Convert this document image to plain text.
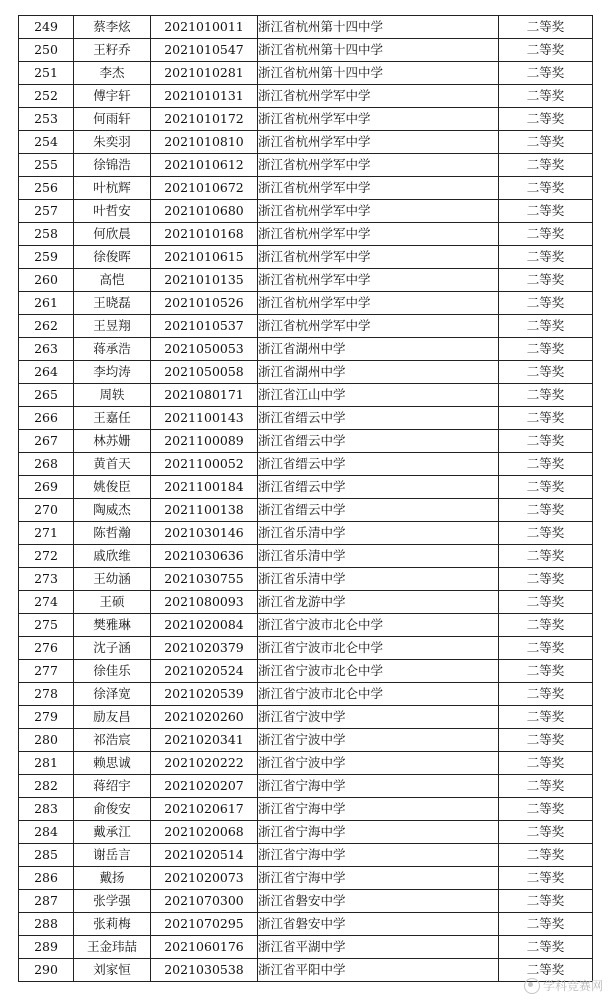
249	蔡李炫	2021010011	浙江省杭州第十四中学	二等奖
250	王籽乔	2021010547	浙江省杭州第十四中学	二等奖
251	李杰	2021010281	浙江省杭州第十四中学	二等奖
252	傅宇轩	2021010131	浙江省杭州学军中学	二等奖
253	何雨轩	2021010172	浙江省杭州学军中学	二等奖
254	朱奕羽	2021010810	浙江省杭州学军中学	二等奖
255	徐锦浩	2021010612	浙江省杭州学军中学	二等奖
256	叶杭辉	2021010672	浙江省杭州学军中学	二等奖
257	叶哲安	2021010680	浙江省杭州学军中学	二等奖
258	何欣晨	2021010168	浙江省杭州学军中学	二等奖
259	徐俊晖	2021010615	浙江省杭州学军中学	二等奖
260	高恺	2021010135	浙江省杭州学军中学	二等奖
261	王晓磊	2021010526	浙江省杭州学军中学	二等奖
262	王昱翔	2021010537	浙江省杭州学军中学	二等奖
263	蒋承浩	2021050053	浙江省湖州中学	二等奖
264	李均涛	2021050058	浙江省湖州中学	二等奖
265	周轶	2021080171	浙江省江山中学	二等奖
266	王嘉任	2021100143	浙江省缙云中学	二等奖
267	林苏姗	2021100089	浙江省缙云中学	二等奖
268	黄首天	2021100052	浙江省缙云中学	二等奖
269	姚俊臣	2021100184	浙江省缙云中学	二等奖
270	陶威杰	2021100138	浙江省缙云中学	二等奖
271	陈哲瀚	2021030146	浙江省乐清中学	二等奖
272	戚欣维	2021030636	浙江省乐清中学	二等奖
273	王幼涵	2021030755	浙江省乐清中学	二等奖
274	王硕	2021080093	浙江省龙游中学	二等奖
275	樊雅琳	2021020084	浙江省宁波市北仑中学	二等奖
276	沈子涵	2021020379	浙江省宁波市北仑中学	二等奖
277	徐佳乐	2021020524	浙江省宁波市北仑中学	二等奖
278	徐泽宽	2021020539	浙江省宁波市北仑中学	二等奖
279	励友昌	2021020260	浙江省宁波中学	二等奖
280	祁浩宸	2021020341	浙江省宁波中学	二等奖
281	赖思诚	2021020222	浙江省宁波中学	二等奖
282	蒋绍宇	2021020207	浙江省宁海中学	二等奖
283	俞俊安	2021020617	浙江省宁海中学	二等奖
284	戴承江	2021020068	浙江省宁海中学	二等奖
285	谢岳言	2021020514	浙江省宁海中学	二等奖
286	戴扬	2021020073	浙江省宁海中学	二等奖
287	张学强	2021070300	浙江省磐安中学	二等奖
288	张莉梅	2021070295	浙江省磐安中学	二等奖
289	王金玮喆	2021060176	浙江省平湖中学	二等奖
290	刘家恒	2021030538	浙江省平阳中学	二等奖
学科竞赛网
